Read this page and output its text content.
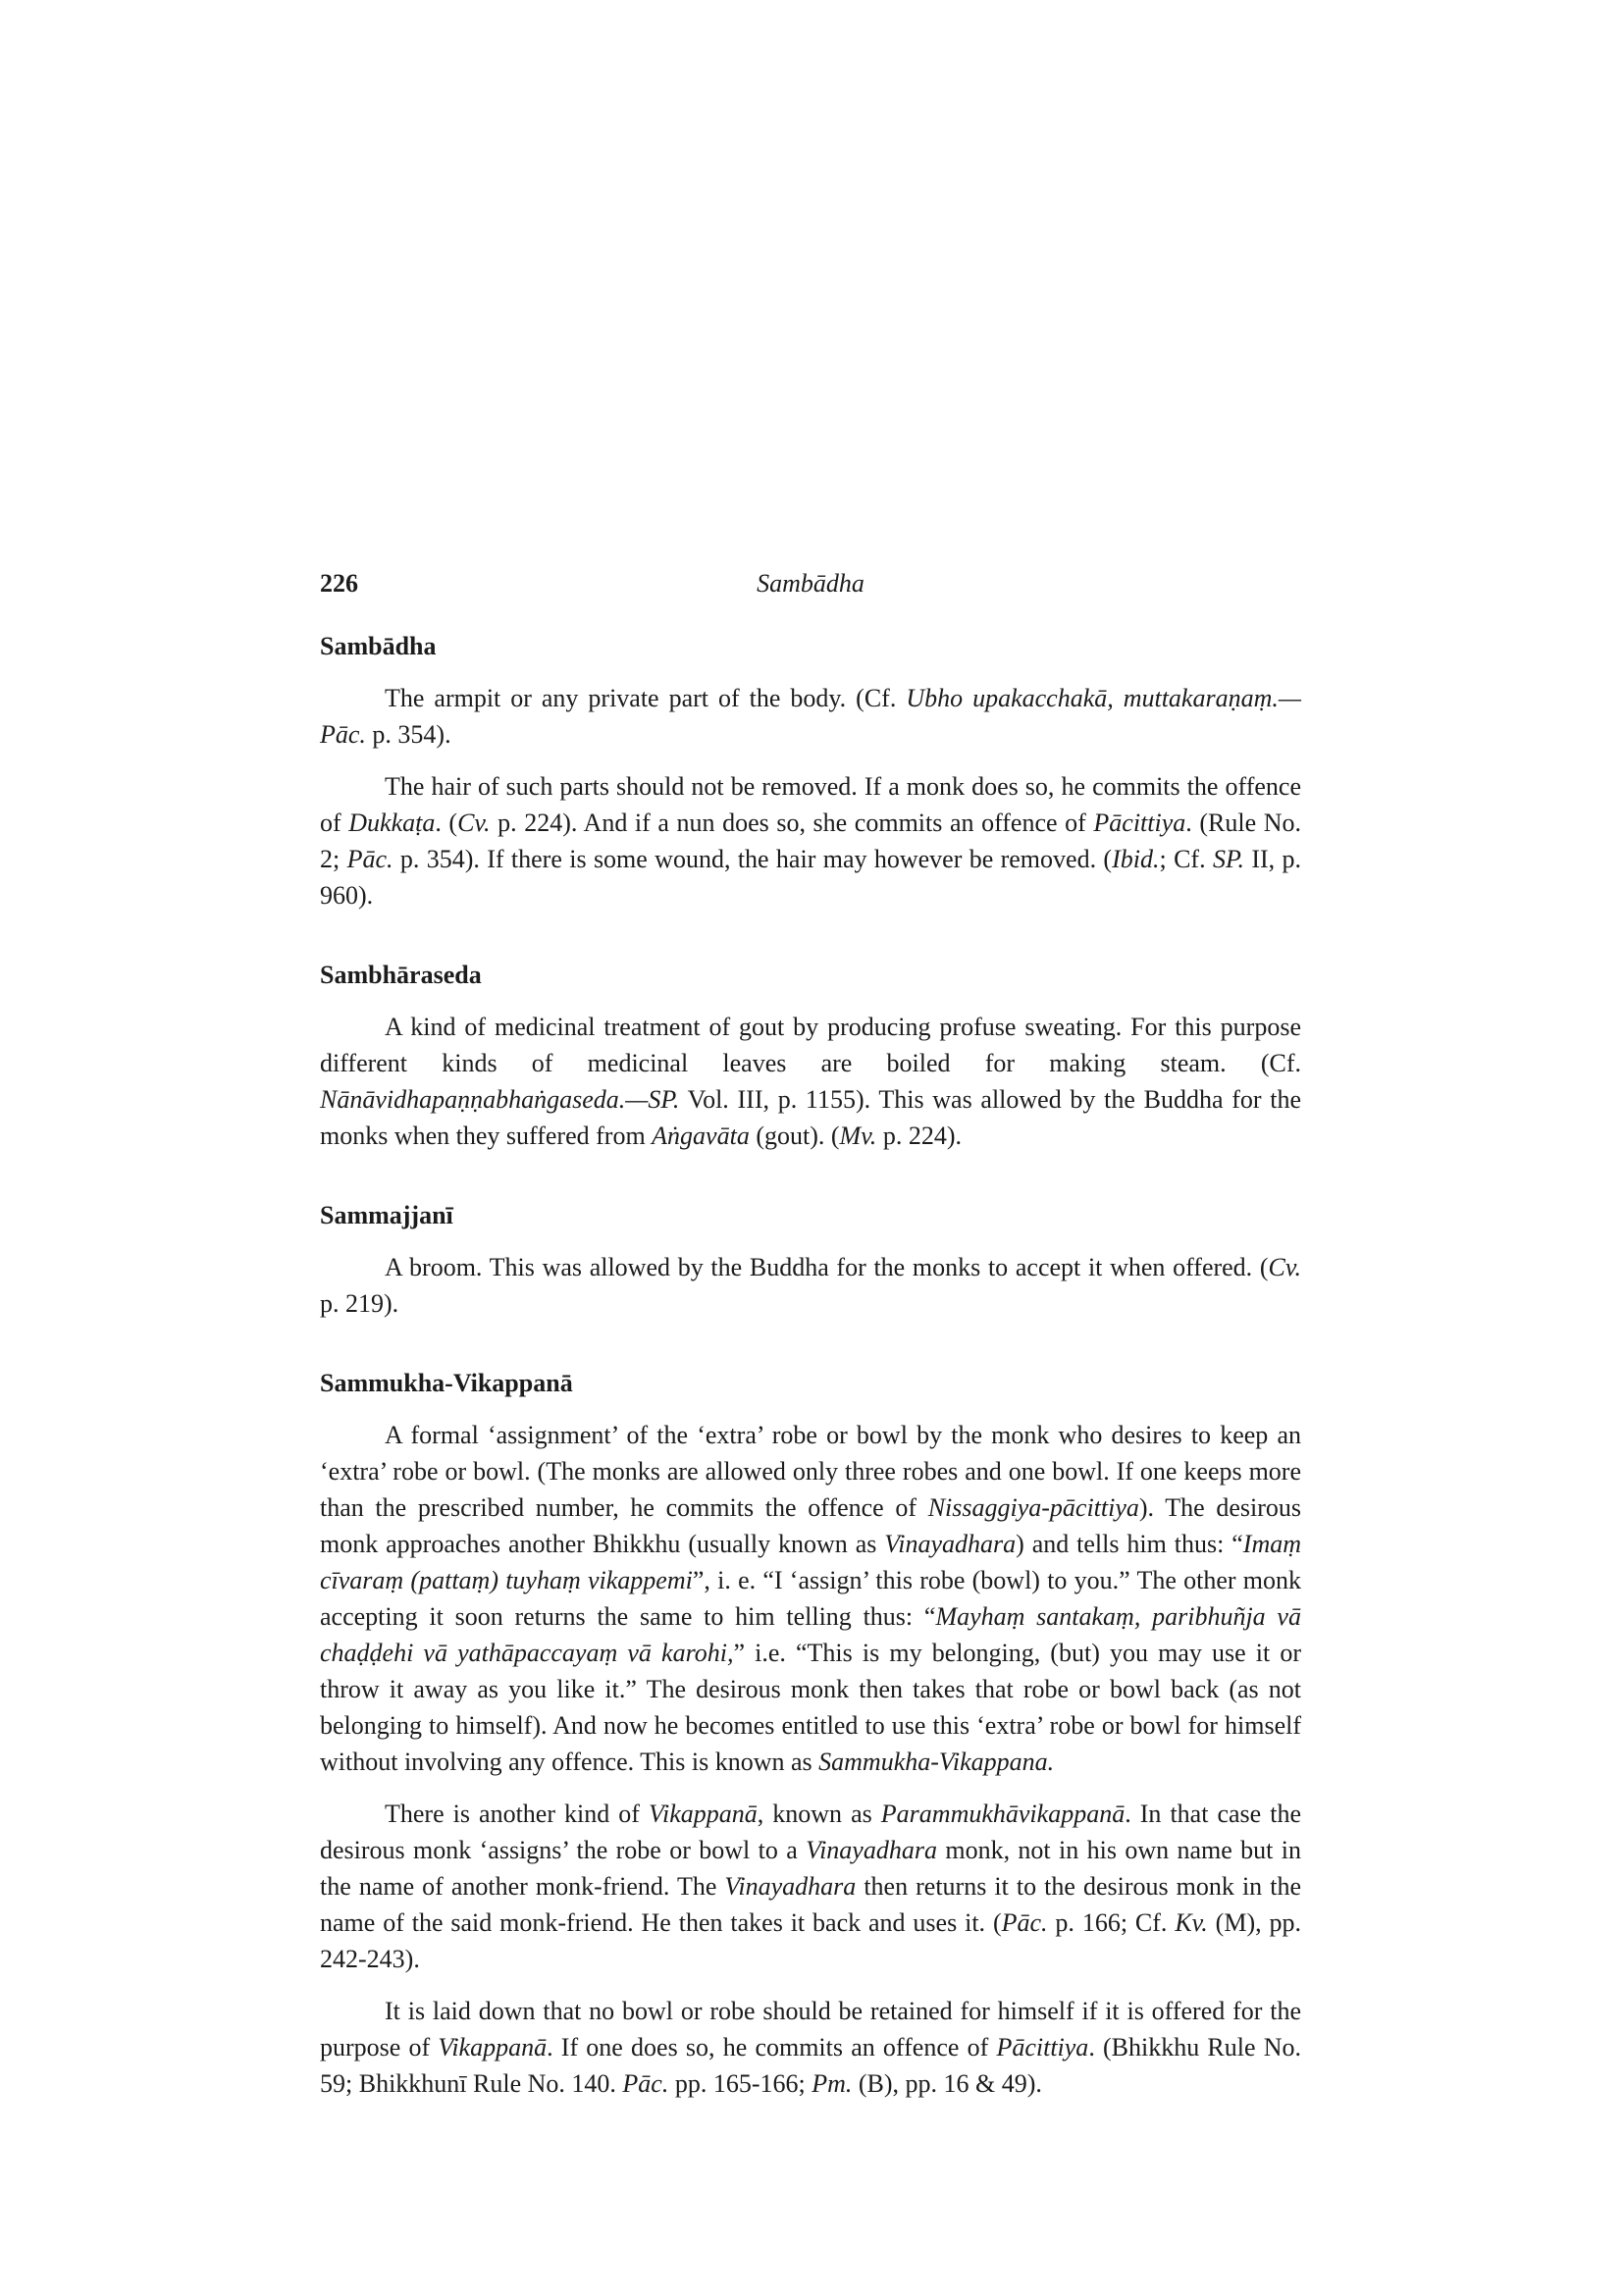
226	Sambādha
Sambādha

The armpit or any private part of the body. (Cf. Ubho upakacchakā, muttakaraṇaṃ.—Pāc. p. 354).

The hair of such parts should not be removed. If a monk does so, he commits the offence of Dukkaṭa. (Cv. p. 224). And if a nun does so, she commits an offence of Pācittiya. (Rule No. 2; Pāc. p. 354). If there is some wound, the hair may however be removed. (Ibid.; Cf. SP. II, p. 960).

Sambhāraseda

A kind of medicinal treatment of gout by producing profuse sweating. For this purpose different kinds of medicinal leaves are boiled for making steam. (Cf. Nānāvidhapaṇṇabhaṅgaseda.—SP. Vol. III, p. 1155). This was allowed by the Buddha for the monks when they suffered from Aṅgavāta (gout). (Mv. p. 224).

Sammajjanī

A broom. This was allowed by the Buddha for the monks to accept it when offered. (Cv. p. 219).

Sammukha-Vikappanā

A formal ‘assignment’ of the ‘extra’ robe or bowl by the monk who desires to keep an ‘extra’ robe or bowl. (The monks are allowed only three robes and one bowl. If one keeps more than the prescribed number, he commits the offence of Nissaggiya-pācittiya). The desirous monk approaches another Bhikkhu (usually known as Vinayadhara) and tells him thus: “Imaṃ cīvaraṃ (pattaṃ) tuyhaṃ vikappemi”, i. e. “I ‘assign’ this robe (bowl) to you.” The other monk accepting it soon returns the same to him telling thus: “Mayhaṃ santakaṃ, paribhuñja vā chaḍḍehi vā yathāpaccayaṃ vā karohi,” i.e. “This is my belonging, (but) you may use it or throw it away as you like it.” The desirous monk then takes that robe or bowl back (as not belonging to himself). And now he becomes entitled to use this ‘extra’ robe or bowl for himself without involving any offence. This is known as Sammukha-Vikappana.

There is another kind of Vikappanā, known as Parammukhāvikappanā. In that case the desirous monk ‘assigns’ the robe or bowl to a Vinayadhara monk, not in his own name but in the name of another monk-friend. The Vinayadhara then returns it to the desirous monk in the name of the said monk-friend. He then takes it back and uses it. (Pāc. p. 166; Cf. Kv. (M), pp. 242-243).

It is laid down that no bowl or robe should be retained for himself if it is offered for the purpose of Vikappanā. If one does so, he commits an offence of Pācittiya. (Bhikkhu Rule No. 59; Bhikkhunī Rule No. 140. Pāc. pp. 165-166; Pm. (B), pp. 16 & 49).
